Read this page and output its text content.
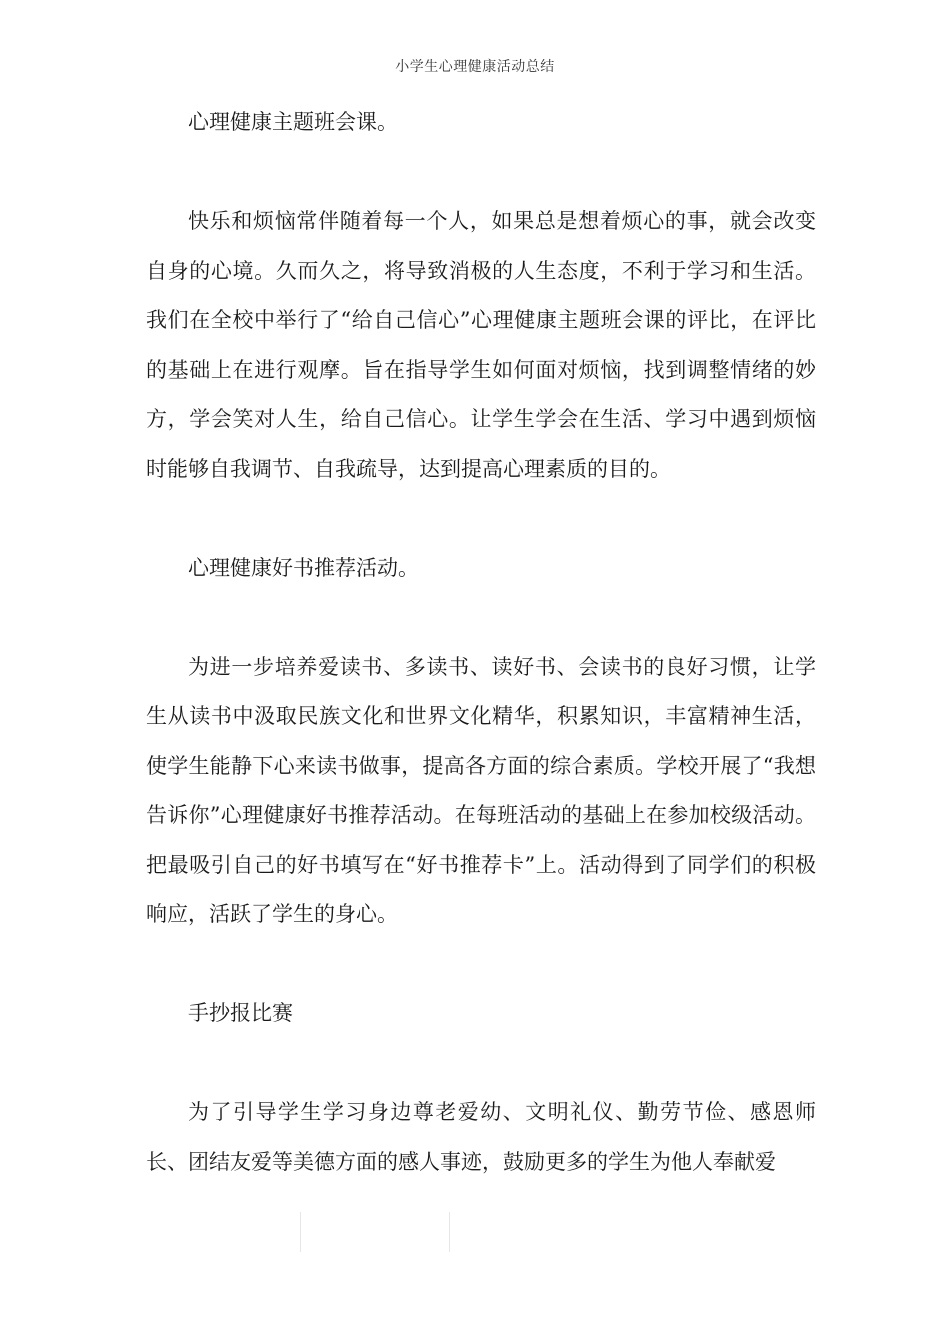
小学生心理健康活动总结

心理健康主题班会课。

快乐和烦恼常伴随着每一个人，如果总是想着烦心的事，就会改变自身的心境。久而久之，将导致消极的人生态度，不利于学习和生活。我们在全校中举行了“给自己信心”心理健康主题班会课的评比，在评比的基础上在进行观摩。旨在指导学生如何面对烦恼，找到调整情绪的妙方，学会笑对人生，给自己信心。让学生学会在生活、学习中遇到烦恼时能够自我调节、自我疏导，达到提高心理素质的目的。

心理健康好书推荐活动。

为进一步培养爱读书、多读书、读好书、会读书的良好习惯，让学生从读书中汲取民族文化和世界文化精华，积累知识，丰富精神生活，使学生能静下心来读书做事，提高各方面的综合素质。学校开展了“我想告诉你”心理健康好书推荐活动。在每班活动的基础上在参加校级活动。把最吸引自己的好书填写在“好书推荐卡”上。活动得到了同学们的积极响应，活跃了学生的身心。

手抄报比赛

为了引导学生学习身边尊老爱幼、文明礼仪、勤劳节俭、感恩师长、团结友爱等美德方面的感人事迹，鼓励更多的学生为他人奉献爱
